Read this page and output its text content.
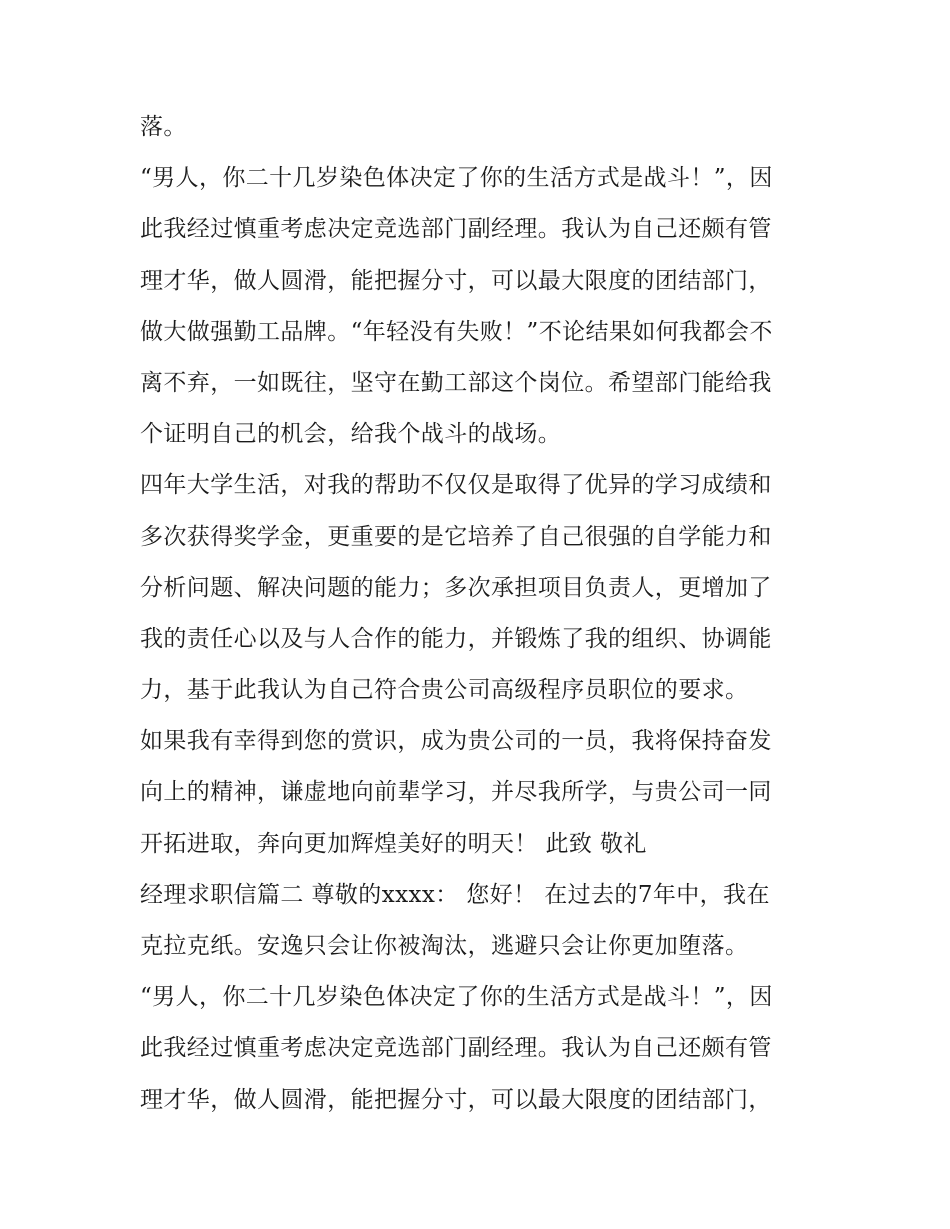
落。
“男人，你二十几岁染色体决定了你的生活方式是战斗！”，因
此我经过慎重考虑决定竞选部门副经理。我认为自己还颇有管
理才华，做人圆滑，能把握分寸，可以最大限度的团结部门，
做大做强勤工品牌。“年轻没有失败！”不论结果如何我都会不
离不弃，一如既往，坚守在勤工部这个岗位。希望部门能给我
个证明自己的机会，给我个战斗的战场。
四年大学生活，对我的帮助不仅仅是取得了优异的学习成绩和
多次获得奖学金，更重要的是它培养了自己很强的自学能力和
分析问题、解决问题的能力；多次承担项目负责人，更增加了
我的责任心以及与人合作的能力，并锻炼了我的组织、协调能
力，基于此我认为自己符合贵公司高级程序员职位的要求。
如果我有幸得到您的赏识，成为贵公司的一员，我将保持奋发
向上的精神，谦虚地向前辈学习，并尽我所学，与贵公司一同
开拓进取，奔向更加辉煌美好的明天！ 此致 敬礼
经理求职信篇二 尊敬的xxxx： 您好！ 在过去的7年中，我在
克拉克纸。安逸只会让你被淘汰，逃避只会让你更加堕落。
“男人，你二十几岁染色体决定了你的生活方式是战斗！”，因
此我经过慎重考虑决定竞选部门副经理。我认为自己还颇有管
理才华，做人圆滑，能把握分寸，可以最大限度的团结部门，
